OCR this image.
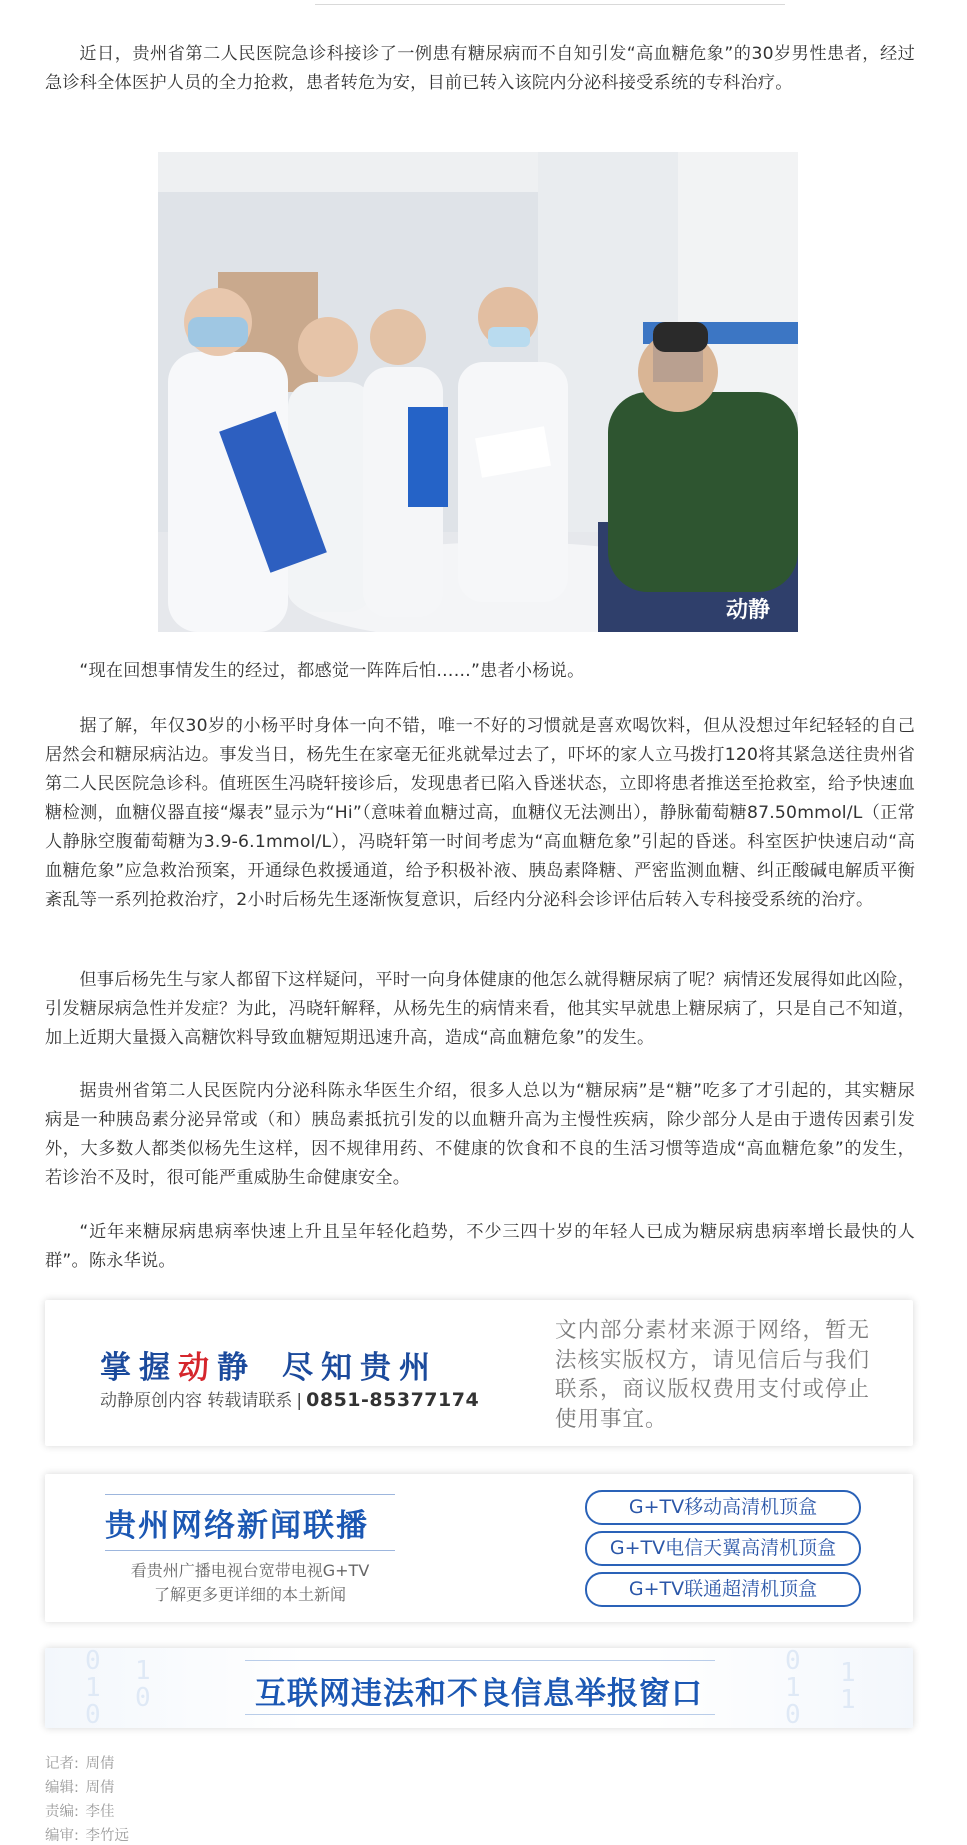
近日，贵州省第二人民医院急诊科接诊了一例患有糖尿病而不自知引发“高血糖危象”的30岁男性患者，经过急诊科全体医护人员的全力抢救，患者转危为安，目前已转入该院内分泌科接受系统的专科治疗。

动静

“现在回想事情发生的经过，都感觉一阵阵后怕……”患者小杨说。

据了解，年仅30岁的小杨平时身体一向不错，唯一不好的习惯就是喜欢喝饮料，但从没想过年纪轻轻的自己居然会和糖尿病沾边。事发当日，杨先生在家毫无征兆就晕过去了，吓坏的家人立马拨打120将其紧急送往贵州省第二人民医院急诊科。值班医生冯晓轩接诊后，发现患者已陷入昏迷状态，立即将患者推送至抢救室，给予快速血糖检测，血糖仪器直接“爆表”显示为“Hi”（意味着血糖过高，血糖仪无法测出），静脉葡萄糖87.50mmol/L（正常人静脉空腹葡萄糖为3.9-6.1mmol/L），冯晓轩第一时间考虑为“高血糖危象”引起的昏迷。科室医护快速启动“高血糖危象”应急救治预案，开通绿色救援通道，给予积极补液、胰岛素降糖、严密监测血糖、纠正酸碱电解质平衡紊乱等一系列抢救治疗，2小时后杨先生逐渐恢复意识，后经内分泌科会诊评估后转入专科接受系统的治疗。

但事后杨先生与家人都留下这样疑问，平时一向身体健康的他怎么就得糖尿病了呢？病情还发展得如此凶险，引发糖尿病急性并发症？为此，冯晓轩解释，从杨先生的病情来看，他其实早就患上糖尿病了，只是自己不知道，加上近期大量摄入高糖饮料导致血糖短期迅速升高，造成“高血糖危象”的发生。

据贵州省第二人民医院内分泌科陈永华医生介绍，很多人总以为“糖尿病”是“糖”吃多了才引起的，其实糖尿病是一种胰岛素分泌异常或（和）胰岛素抵抗引发的以血糖升高为主慢性疾病，除少部分人是由于遗传因素引发外，大多数人都类似杨先生这样，因不规律用药、不健康的饮食和不良的生活习惯等造成“高血糖危象”的发生，若诊治不及时，很可能严重威胁生命健康安全。

“近年来糖尿病患病率快速上升且呈年轻化趋势，不少三四十岁的年轻人已成为糖尿病患病率增长最快的人群”。陈永华说。

掌握动静 尽知贵州
动静原创内容 转载请联系 | 0851-85377174
文内部分素材来源于网络，暂无法核实版权方，请见信后与我们联系，商议版权费用支付或停止使用事宜。
贵州网络新闻联播
看贵州广播电视台宽带电视G+TV
了解更多更详细的本土新闻
G+TV移动高清机顶盒
G+TV电信天翼高清机顶盒
G+TV联通超清机顶盒
0
1
0
1
0
0
1
0
1
1
互联网违法和不良信息举报窗口
记者: 周倩
编辑: 周倩
责编: 李佳
编审: 李竹远
